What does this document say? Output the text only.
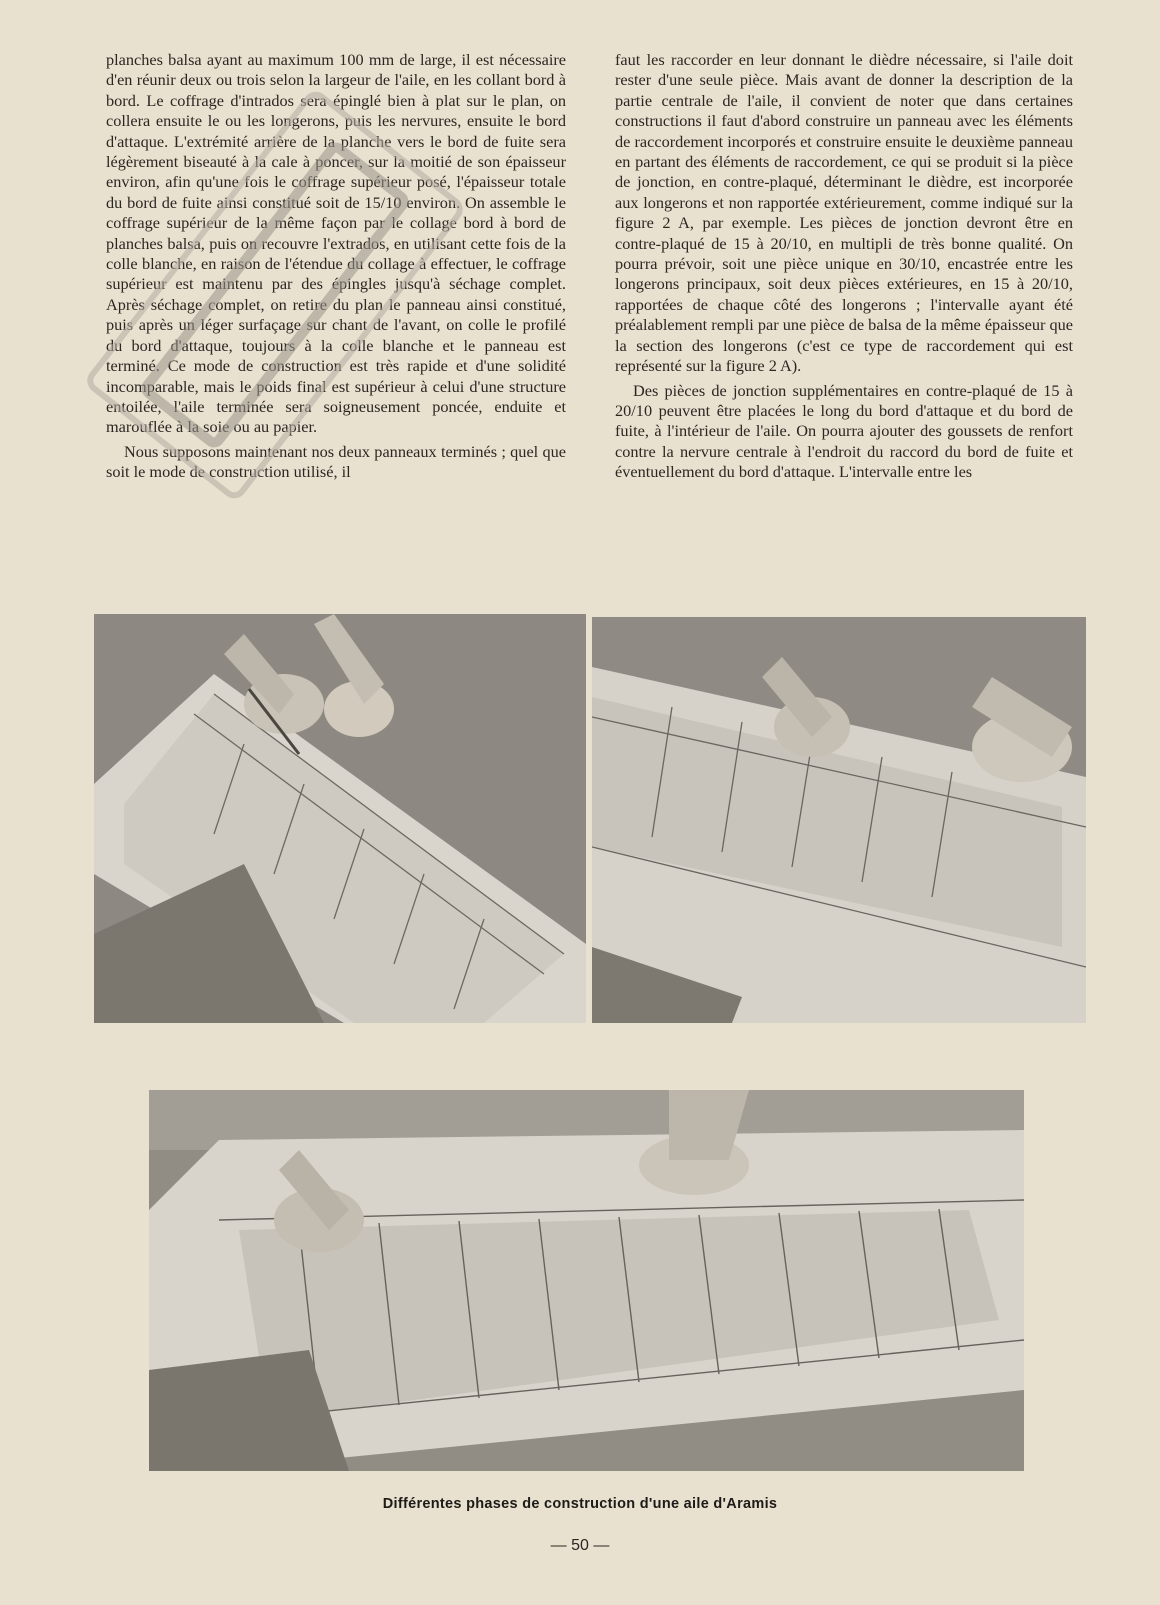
planches balsa ayant au maximum 100 mm de large, il est nécessaire d'en réunir deux ou trois selon la largeur de l'aile, en les collant bord à bord. Le coffrage d'intrados sera épinglé bien à plat sur le plan, on collera ensuite le ou les longerons, puis les nervures, ensuite le bord d'attaque. L'extrémité arrière de la planche vers le bord de fuite sera légèrement biseauté à la cale à poncer, sur la moitié de son épaisseur environ, afin qu'une fois le coffrage supérieur posé, l'épaisseur totale du bord de fuite ainsi constitué soit de 15/10 environ. On assemble le coffrage supérieur de la même façon par le collage bord à bord de planches balsa, puis on recouvre l'extrados, en utilisant cette fois de la colle blanche, en raison de l'étendue du collage à effectuer, le coffrage supérieur est maintenu par des épingles jusqu'à séchage complet. Après séchage complet, on retire du plan le panneau ainsi constitué, puis après un léger surfaçage sur chant de l'avant, on colle le profilé du bord d'attaque, toujours à la colle blanche et le panneau est terminé. Ce mode de construction est très rapide et d'une solidité incomparable, mais le poids final est supérieur à celui d'une structure entoilée, l'aile terminée sera soigneusement poncée, enduite et marouflée à la soie ou au papier.

Nous supposons maintenant nos deux panneaux terminés ; quel que soit le mode de construction utilisé, il

faut les raccorder en leur donnant le dièdre nécessaire, si l'aile doit rester d'une seule pièce. Mais avant de donner la description de la partie centrale de l'aile, il convient de noter que dans certaines constructions il faut d'abord construire un panneau avec les éléments de raccordement incorporés et construire ensuite le deuxième panneau en partant des éléments de raccordement, ce qui se produit si la pièce de jonction, en contre-plaqué, déterminant le dièdre, est incorporée aux longerons et non rapportée extérieurement, comme indiqué sur la figure 2 A, par exemple. Les pièces de jonction devront être en contre-plaqué de 15 à 20/10, en multipli de très bonne qualité. On pourra prévoir, soit une pièce unique en 30/10, encastrée entre les longerons principaux, soit deux pièces extérieures, en 15 à 20/10, rapportées de chaque côté des longerons ; l'intervalle ayant été préalablement rempli par une pièce de balsa de la même épaisseur que la section des longerons (c'est ce type de raccordement qui est représenté sur la figure 2 A).

Des pièces de jonction supplémentaires en contre-plaqué de 15 à 20/10 peuvent être placées le long du bord d'attaque et du bord de fuite, à l'intérieur de l'aile. On pourra ajouter des goussets de renfort contre la nervure centrale à l'endroit du raccord du bord de fuite et éventuellement du bord d'attaque. L'intervalle entre les

Différentes phases de construction d'une aile d'Aramis
— 50 —
